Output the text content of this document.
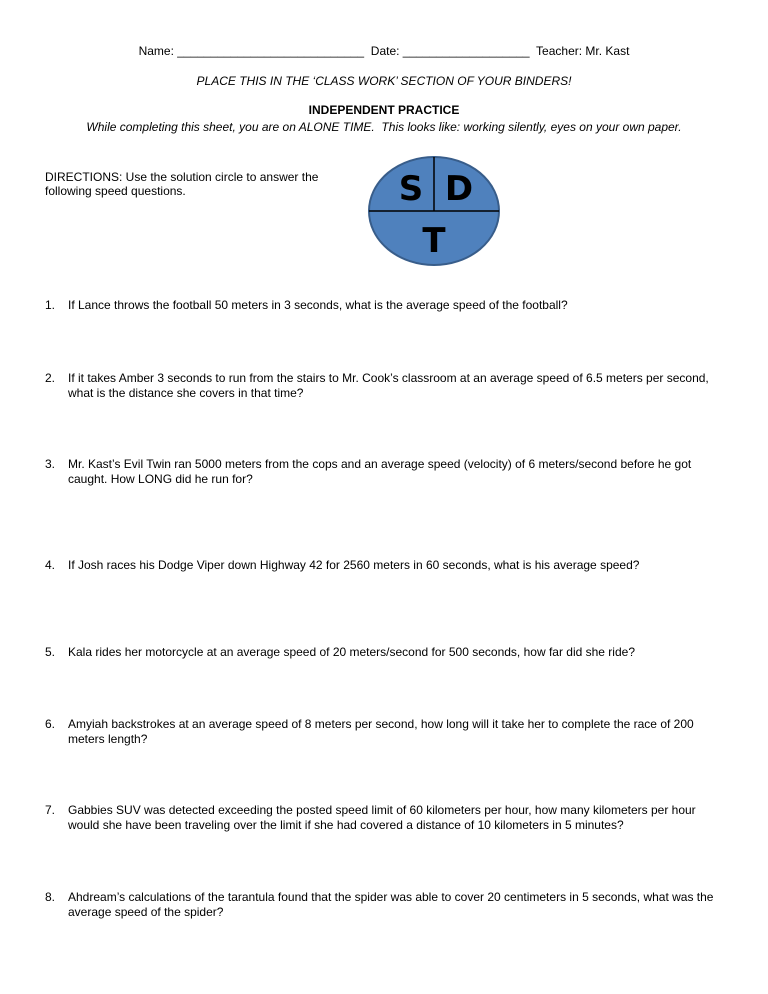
Name: ____________________________  Date: ___________________  Teacher: Mr. Kast
PLACE THIS IN THE ‘CLASS WORK’ SECTION OF YOUR BINDERS!
INDEPENDENT PRACTICE
While completing this sheet, you are on ALONE TIME.  This looks like: working silently, eyes on your own paper.
DIRECTIONS: Use the solution circle to answer the following speed questions.	S D
T
1. If Lance throws the football 50 meters in 3 seconds, what is the average speed of the football?
2. If it takes Amber 3 seconds to run from the stairs to Mr. Cook’s classroom at an average speed of 6.5 meters per second, what is the distance she covers in that time?
3. Mr. Kast’s Evil Twin ran 5000 meters from the cops and an average speed (velocity) of 6 meters/second before he got caught. How LONG did he run for?
4. If Josh races his Dodge Viper down Highway 42 for 2560 meters in 60 seconds, what is his average speed?
5. Kala rides her motorcycle at an average speed of 20 meters/second for 500 seconds, how far did she ride?
6. Amyiah backstrokes at an average speed of 8 meters per second, how long will it take her to complete the race of 200 meters length?
7. Gabbies SUV was detected exceeding the posted speed limit of 60 kilometers per hour, how many kilometers per hour would she have been traveling over the limit if she had covered a distance of 10 kilometers in 5 minutes?
8. Ahdream’s calculations of the tarantula found that the spider was able to cover 20 centimeters in 5 seconds, what was the average speed of the spider?
